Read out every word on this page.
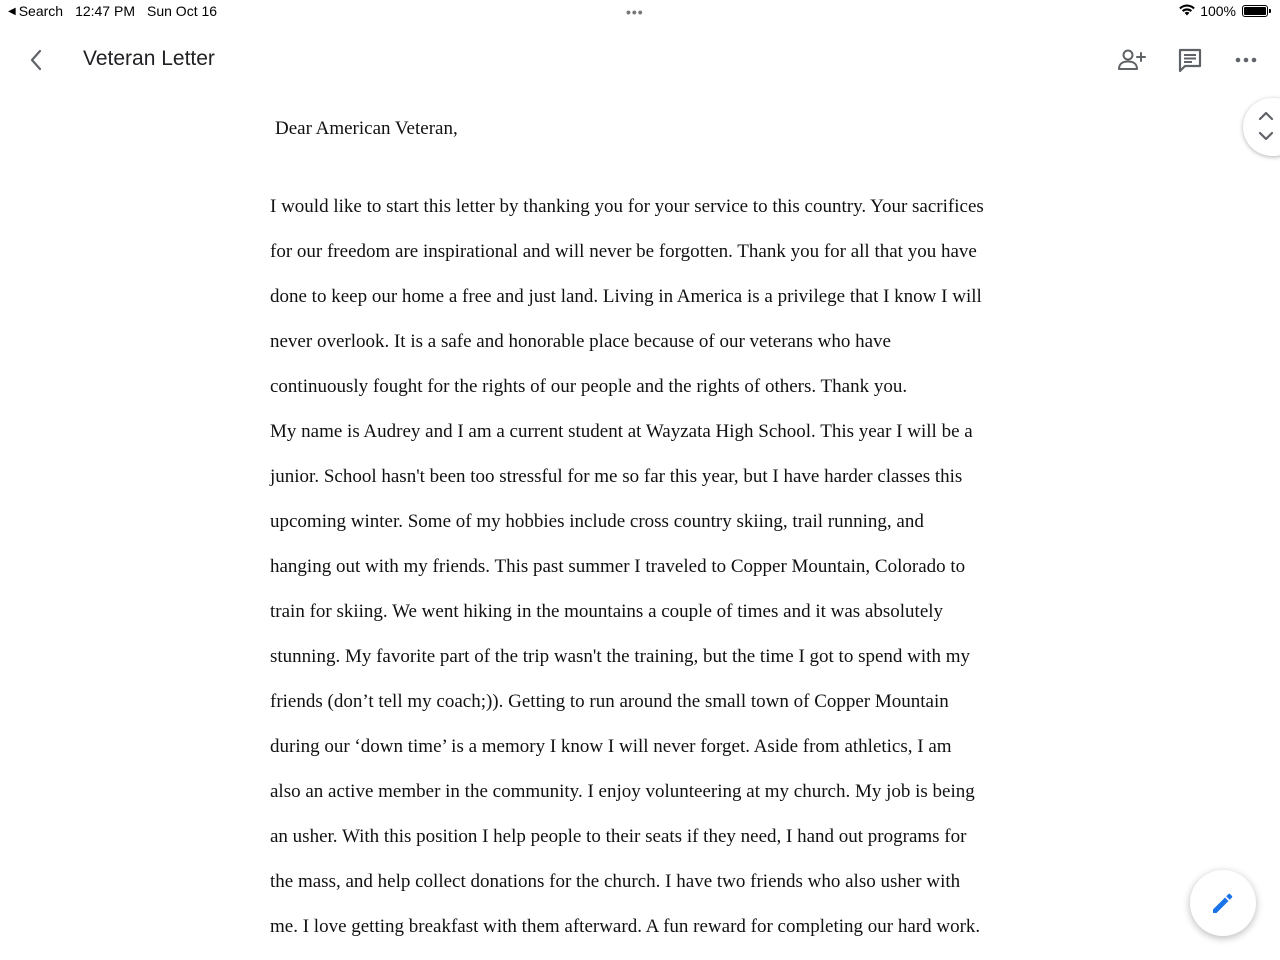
◀ Search 12:47 PM Sun Oct 16	•••	100%
Veteran Letter
Dear American Veteran,
I would like to start this letter by thanking you for your service to this country. Your sacrifices
for our freedom are inspirational and will never be forgotten. Thank you for all that you have
done to keep our home a free and just land. Living in America is a privilege that I know I will
never overlook. It is a safe and honorable place because of our veterans who have
continuously fought for the rights of our people and the rights of others. Thank you.
My name is Audrey and I am a current student at Wayzata High School. This year I will be a
junior. School hasn't been too stressful for me so far this year, but I have harder classes this
upcoming winter. Some of my hobbies include cross country skiing, trail running, and
hanging out with my friends. This past summer I traveled to Copper Mountain, Colorado to
train for skiing. We went hiking in the mountains a couple of times and it was absolutely
stunning. My favorite part of the trip wasn't the training, but the time I got to spend with my
friends (don’t tell my coach;)). Getting to run around the small town of Copper Mountain
during our ‘down time’ is a memory I know I will never forget. Aside from athletics, I am
also an active member in the community. I enjoy volunteering at my church. My job is being
an usher. With this position I help people to their seats if they need, I hand out programs for
the mass, and help collect donations for the church. I have two friends who also usher with
me. I love getting breakfast with them afterward. A fun reward for completing our hard work.
